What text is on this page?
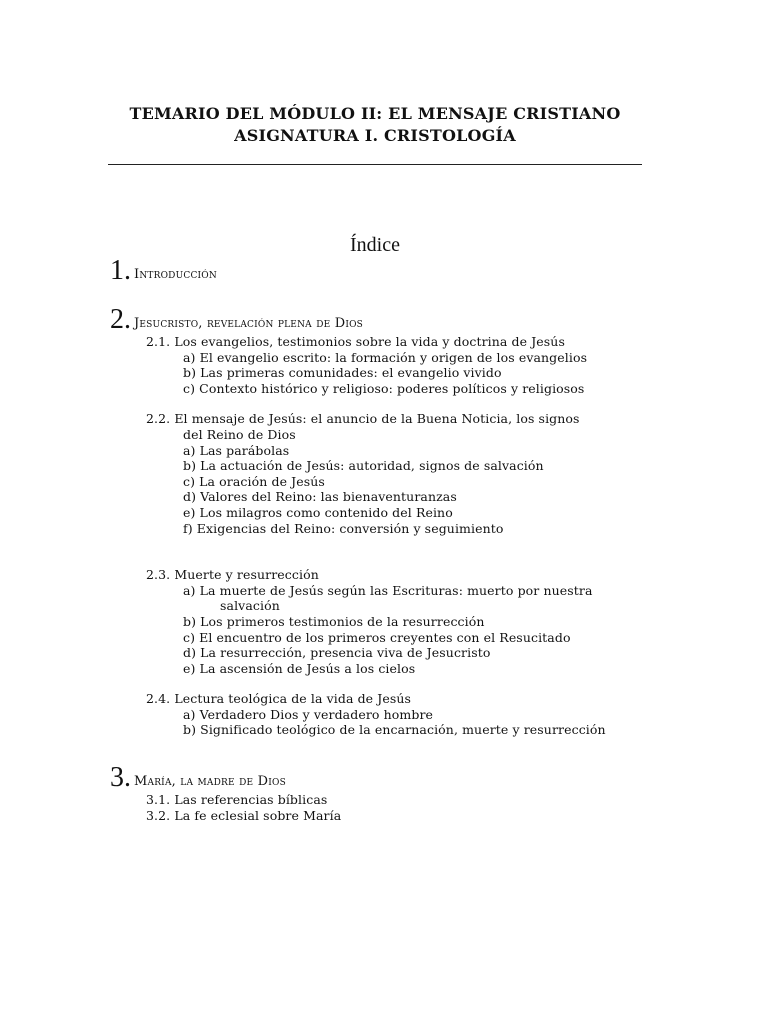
TEMARIO DEL MÓDULO II: EL MENSAJE CRISTIANO
ASIGNATURA I. CRISTOLOGÍA
Índice
1. Introducción
2. Jesucristo, revelación plena de Dios
2.1. Los evangelios, testimonios sobre la vida y doctrina de Jesús
a) El evangelio escrito: la formación y origen de los evangelios
b) Las primeras comunidades: el evangelio vivido
c) Contexto histórico y religioso: poderes políticos y religiosos
2.2. El mensaje de Jesús: el anuncio de la Buena Noticia, los signos
del Reino de Dios
a) Las parábolas
b) La actuación de Jesús: autoridad, signos de salvación
c) La oración de Jesús
d) Valores del Reino: las bienaventuranzas
e) Los milagros como contenido del Reino
f) Exigencias del Reino: conversión y seguimiento
2.3. Muerte y resurrección
a) La muerte de Jesús según las Escrituras: muerto por nuestra
salvación
b) Los primeros testimonios de la resurrección
c) El encuentro de los primeros creyentes con el Resucitado
d) La resurrección, presencia viva de Jesucristo
e) La ascensión de Jesús a los cielos
2.4. Lectura teológica de la vida de Jesús
a) Verdadero Dios y verdadero hombre
b) Significado teológico de la encarnación, muerte y resurrección
3. María, la madre de Dios
3.1. Las referencias bíblicas
3.2. La fe eclesial sobre María
